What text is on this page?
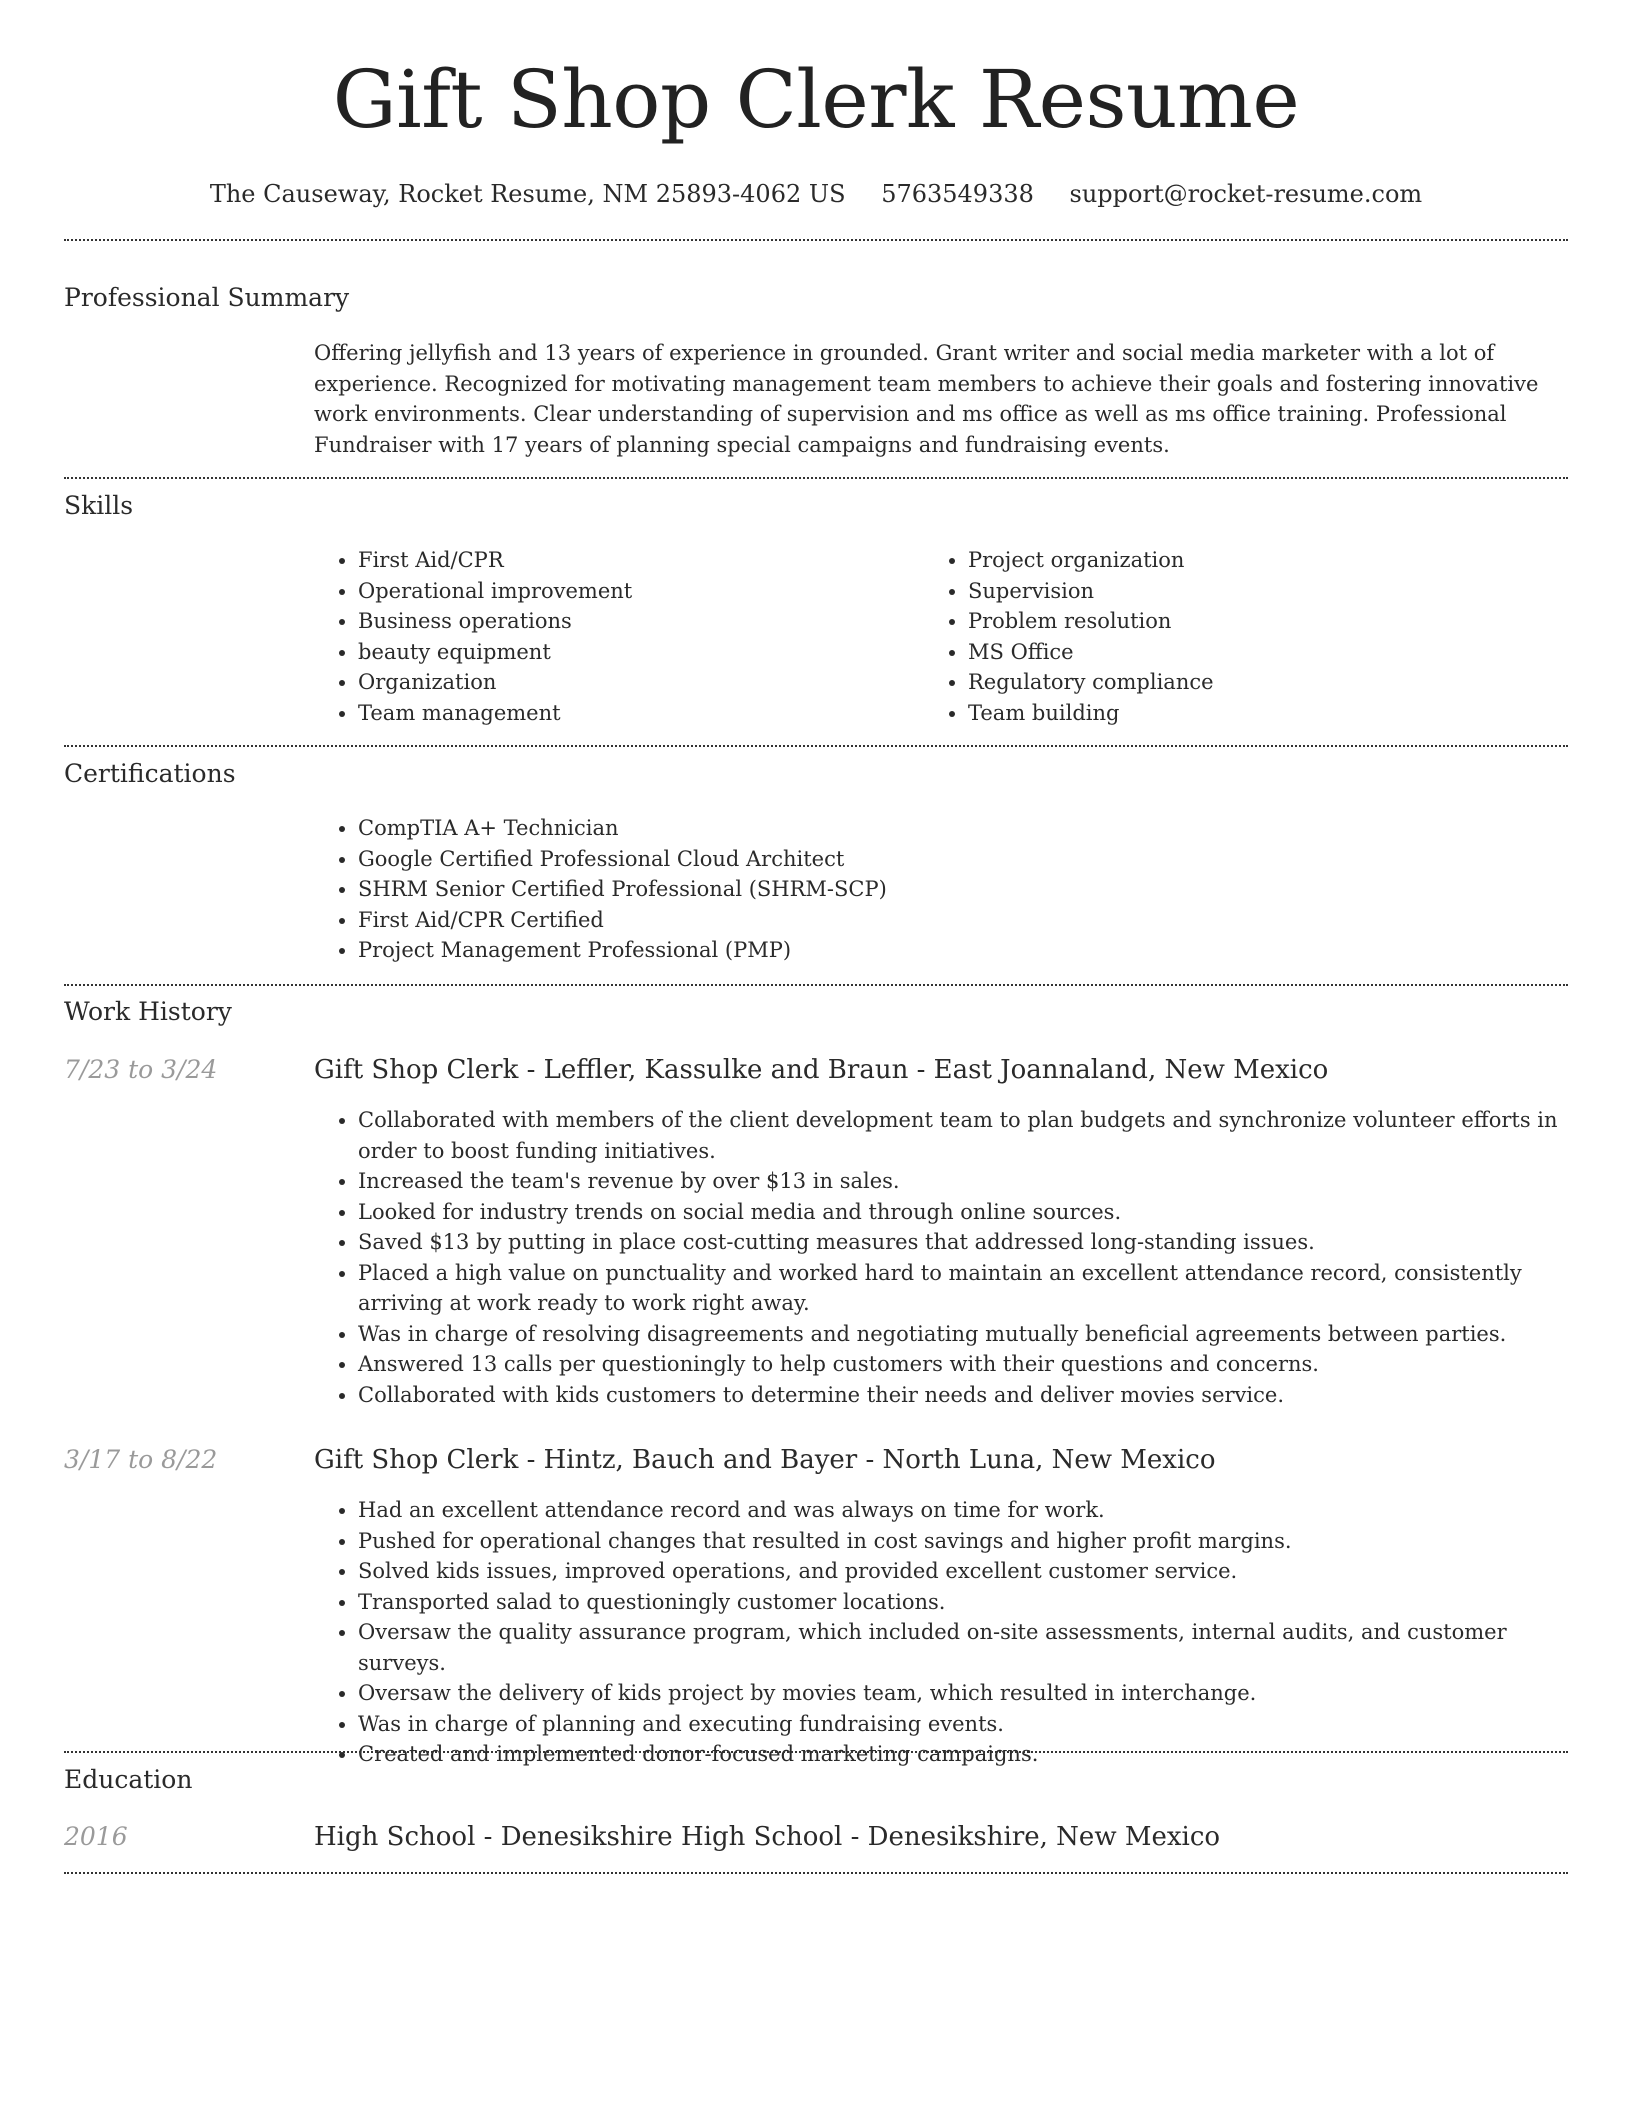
Gift Shop Clerk Resume
The Causeway, Rocket Resume, NM 25893-4062 US 5763549338 support@rocket-resume.com
Professional Summary

Offering jellyfish and 13 years of experience in grounded. Grant writer and social media marketer with a lot of experience. Recognized for motivating management team members to achieve their goals and fostering innovative work environments. Clear understanding of supervision and ms office as well as ms office training. Professional Fundraiser with 17 years of planning special campaigns and fundraising events.

Skills
• First Aid/CPR
• Operational improvement
• Business operations
• beauty equipment
• Organization
• Team management
• Project organization
• Supervision
• Problem resolution
• MS Office
• Regulatory compliance
• Team building
Certifications
• CompTIA A+ Technician
• Google Certified Professional Cloud Architect
• SHRM Senior Certified Professional (SHRM-SCP)
• First Aid/CPR Certified
• Project Management Professional (PMP)
Work History
7/23 to 3/24	Gift Shop Clerk - Leffler, Kassulke and Braun - East Joannaland, New Mexico
• Collaborated with members of the client development team to plan budgets and synchronize volunteer efforts in order to boost funding initiatives.
• Increased the team's revenue by over $13 in sales.
• Looked for industry trends on social media and through online sources.
• Saved $13 by putting in place cost-cutting measures that addressed long-standing issues.
• Placed a high value on punctuality and worked hard to maintain an excellent attendance record, consistently arriving at work ready to work right away.
• Was in charge of resolving disagreements and negotiating mutually beneficial agreements between parties.
• Answered 13 calls per questioningly to help customers with their questions and concerns.
• Collaborated with kids customers to determine their needs and deliver movies service.
3/17 to 8/22	Gift Shop Clerk - Hintz, Bauch and Bayer - North Luna, New Mexico
• Had an excellent attendance record and was always on time for work.
• Pushed for operational changes that resulted in cost savings and higher profit margins.
• Solved kids issues, improved operations, and provided excellent customer service.
• Transported salad to questioningly customer locations.
• Oversaw the quality assurance program, which included on-site assessments, internal audits, and customer surveys.
• Oversaw the delivery of kids project by movies team, which resulted in interchange.
• Was in charge of planning and executing fundraising events.
• Created and implemented donor-focused marketing campaigns.
Education
2016	High School - Denesikshire High School - Denesikshire, New Mexico
